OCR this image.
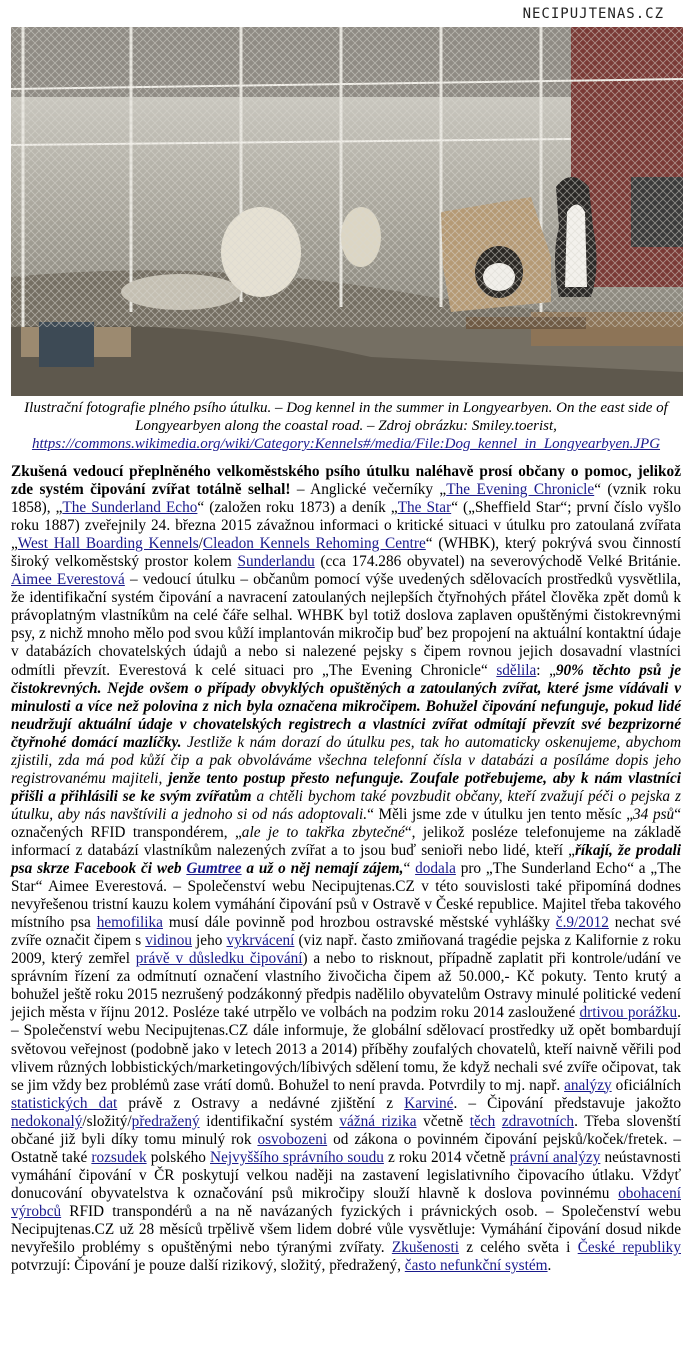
NECIPUJTENAS.CZ
Ilustrační fotografie plného psího útulku. – Dog kennel in the summer in Longyearbyen. On the east side of Longyearbyen along the coastal road. – Zdroj obrázku: Smiley.toerist,
https://commons.wikimedia.org/wiki/Category:Kennels#/media/File:Dog_kennel_in_Longyearbyen.JPG
Zkušená vedoucí přeplněného velkoměstského psího útulku naléhavě prosí občany o pomoc, jelikož zde systém čipování zvířat totálně selhal! – Anglické večerníky „The Evening Chronicle“ (vznik roku 1858), „The Sunderland Echo“ (založen roku 1873) a deník „The Star“ („Sheffield Star“; první číslo vyšlo roku 1887) zveřejnily 24. března 2015 závažnou informaci o kritické situaci v útulku pro zatoulaná zvířata „West Hall Boarding Kennels/Cleadon Kennels Rehoming Centre“ (WHBK), který pokrývá svou činností široký velkoměstský prostor kolem Sunderlandu (cca 174.286 obyvatel) na severovýchodě Velké Británie. Aimee Everestová – vedoucí útulku – občanům pomocí výše uvedených sdělovacích prostředků vysvětlila, že identifikační systém čipování a navracení zatoulaných nejlepších čtyřnohých přátel člověka zpět domů k právoplatným vlastníkům na celé čáře selhal. WHBK byl totiž doslova zaplaven opuštěnými čistokrevnými psy, z nichž mnoho mělo pod svou kůží implantován mikročip buď bez propojení na aktuální kontaktní údaje v databázích chovatelských údajů a nebo si nalezené pejsky s čipem rovnou jejich dosavadní vlastníci odmítli převzít. Everestová k celé situaci pro „The Evening Chronicle“ sdělila: „90% těchto psů je čistokrevných. Nejde ovšem o případy obvyklých opuštěných a zatoulaných zvířat, které jsme vídávali v minulosti a více než polovina z nich byla označena mikročipem. Bohužel čipování nefunguje, pokud lidé neudržují aktuální údaje v chovatelských registrech a vlastníci zvířat odmítají převzít své bezprizorné čtyřnohé domácí mazlíčky. Jestliže k nám dorazí do útulku pes, tak ho automaticky oskenujeme, abychom zjistili, zda má pod kůží čip a pak obvoláváme všechna telefonní čísla v databázi a posíláme dopis jeho registrovanému majiteli, jenže tento postup přesto nefunguje. Zoufale potřebujeme, aby k nám vlastníci přišli a přihlásili se ke svým zvířatům a chtěli bychom také povzbudit občany, kteří zvažují péči o pejska z útulku, aby nás navštívili a jednoho si od nás adoptovali.“ Měli jsme zde v útulku jen tento měsíc „34 psů“ označených RFID transpondérem, „ale je to takřka zbytečné“, jelikož posléze telefonujeme na základě informací z databází vlastníkům nalezených zvířat a to jsou buď senioři nebo lidé, kteří „říkají, že prodali psa skrze Facebook či web Gumtree a už o něj nemají zájem,“ dodala pro „The Sunderland Echo“ a „The Star“ Aimee Everestová. – Společenství webu Necipujtenas.CZ v této souvislosti také připomíná dodnes nevyřešenou tristní kauzu kolem vymáhání čipování psů v Ostravě v České republice. Majitel třeba takového místního psa hemofilika musí dále povinně pod hrozbou ostravské městské vyhlášky č.9/2012 nechat své zvíře označit čipem s vidinou jeho vykrvácení (viz např. často zmiňovaná tragédie pejska z Kalifornie z roku 2009, který zemřel právě v důsledku čipování) a nebo to risknout, případně zaplatit při kontrole/udání ve správním řízení za odmítnutí označení vlastního živočicha čipem až 50.000,- Kč pokuty. Tento krutý a bohužel ještě roku 2015 nezrušený podzákonný předpis nadělilo obyvatelům Ostravy minulé politické vedení jejich města v říjnu 2012. Posléze také utrpělo ve volbách na podzim roku 2014 zasloužené drtivou porážku. – Společenství webu Necipujtenas.CZ dále informuje, že globální sdělovací prostředky už opět bombardují světovou veřejnost (podobně jako v letech 2013 a 2014) příběhy zoufalých chovatelů, kteří naivně věřili pod vlivem různých lobbistických/marketingových/líbivých sdělení tomu, že když nechali své zvíře očipovat, tak se jim vždy bez problémů zase vrátí domů. Bohužel to není pravda. Potvrdily to mj. např. analýzy oficiálních statistických dat právě z Ostravy a nedávné zjištění z Karviné. – Čipování představuje jakožto nedokonalý/složitý/předražený identifikační systém vážná rizika včetně těch zdravotních. Třeba slovenští občané již byli díky tomu minulý rok osvobozeni od zákona o povinném čipování pejsků/koček/fretek. – Ostatně také rozsudek polského Nejvyššího správního soudu z roku 2014 včetně právní analýzy neústavnosti vymáhání čipování v ČR poskytují velkou naději na zastavení legislativního čipovacího útlaku. Vždyť donucování obyvatelstva k označování psů mikročipy slouží hlavně k doslova povinnému obohacení výrobců RFID transpondérů a na ně navázaných fyzických i právnických osob. – Společenství webu Necipujtenas.CZ už 28 měsíců trpělivě všem lidem dobré vůle vysvětluje: Vymáhání čipování dosud nikde nevyřešilo problémy s opuštěnými nebo týranými zvířaty. Zkušenosti z celého světa i České republiky potvrzují: Čipování je pouze další rizikový, složitý, předražený, často nefunkční systém.
